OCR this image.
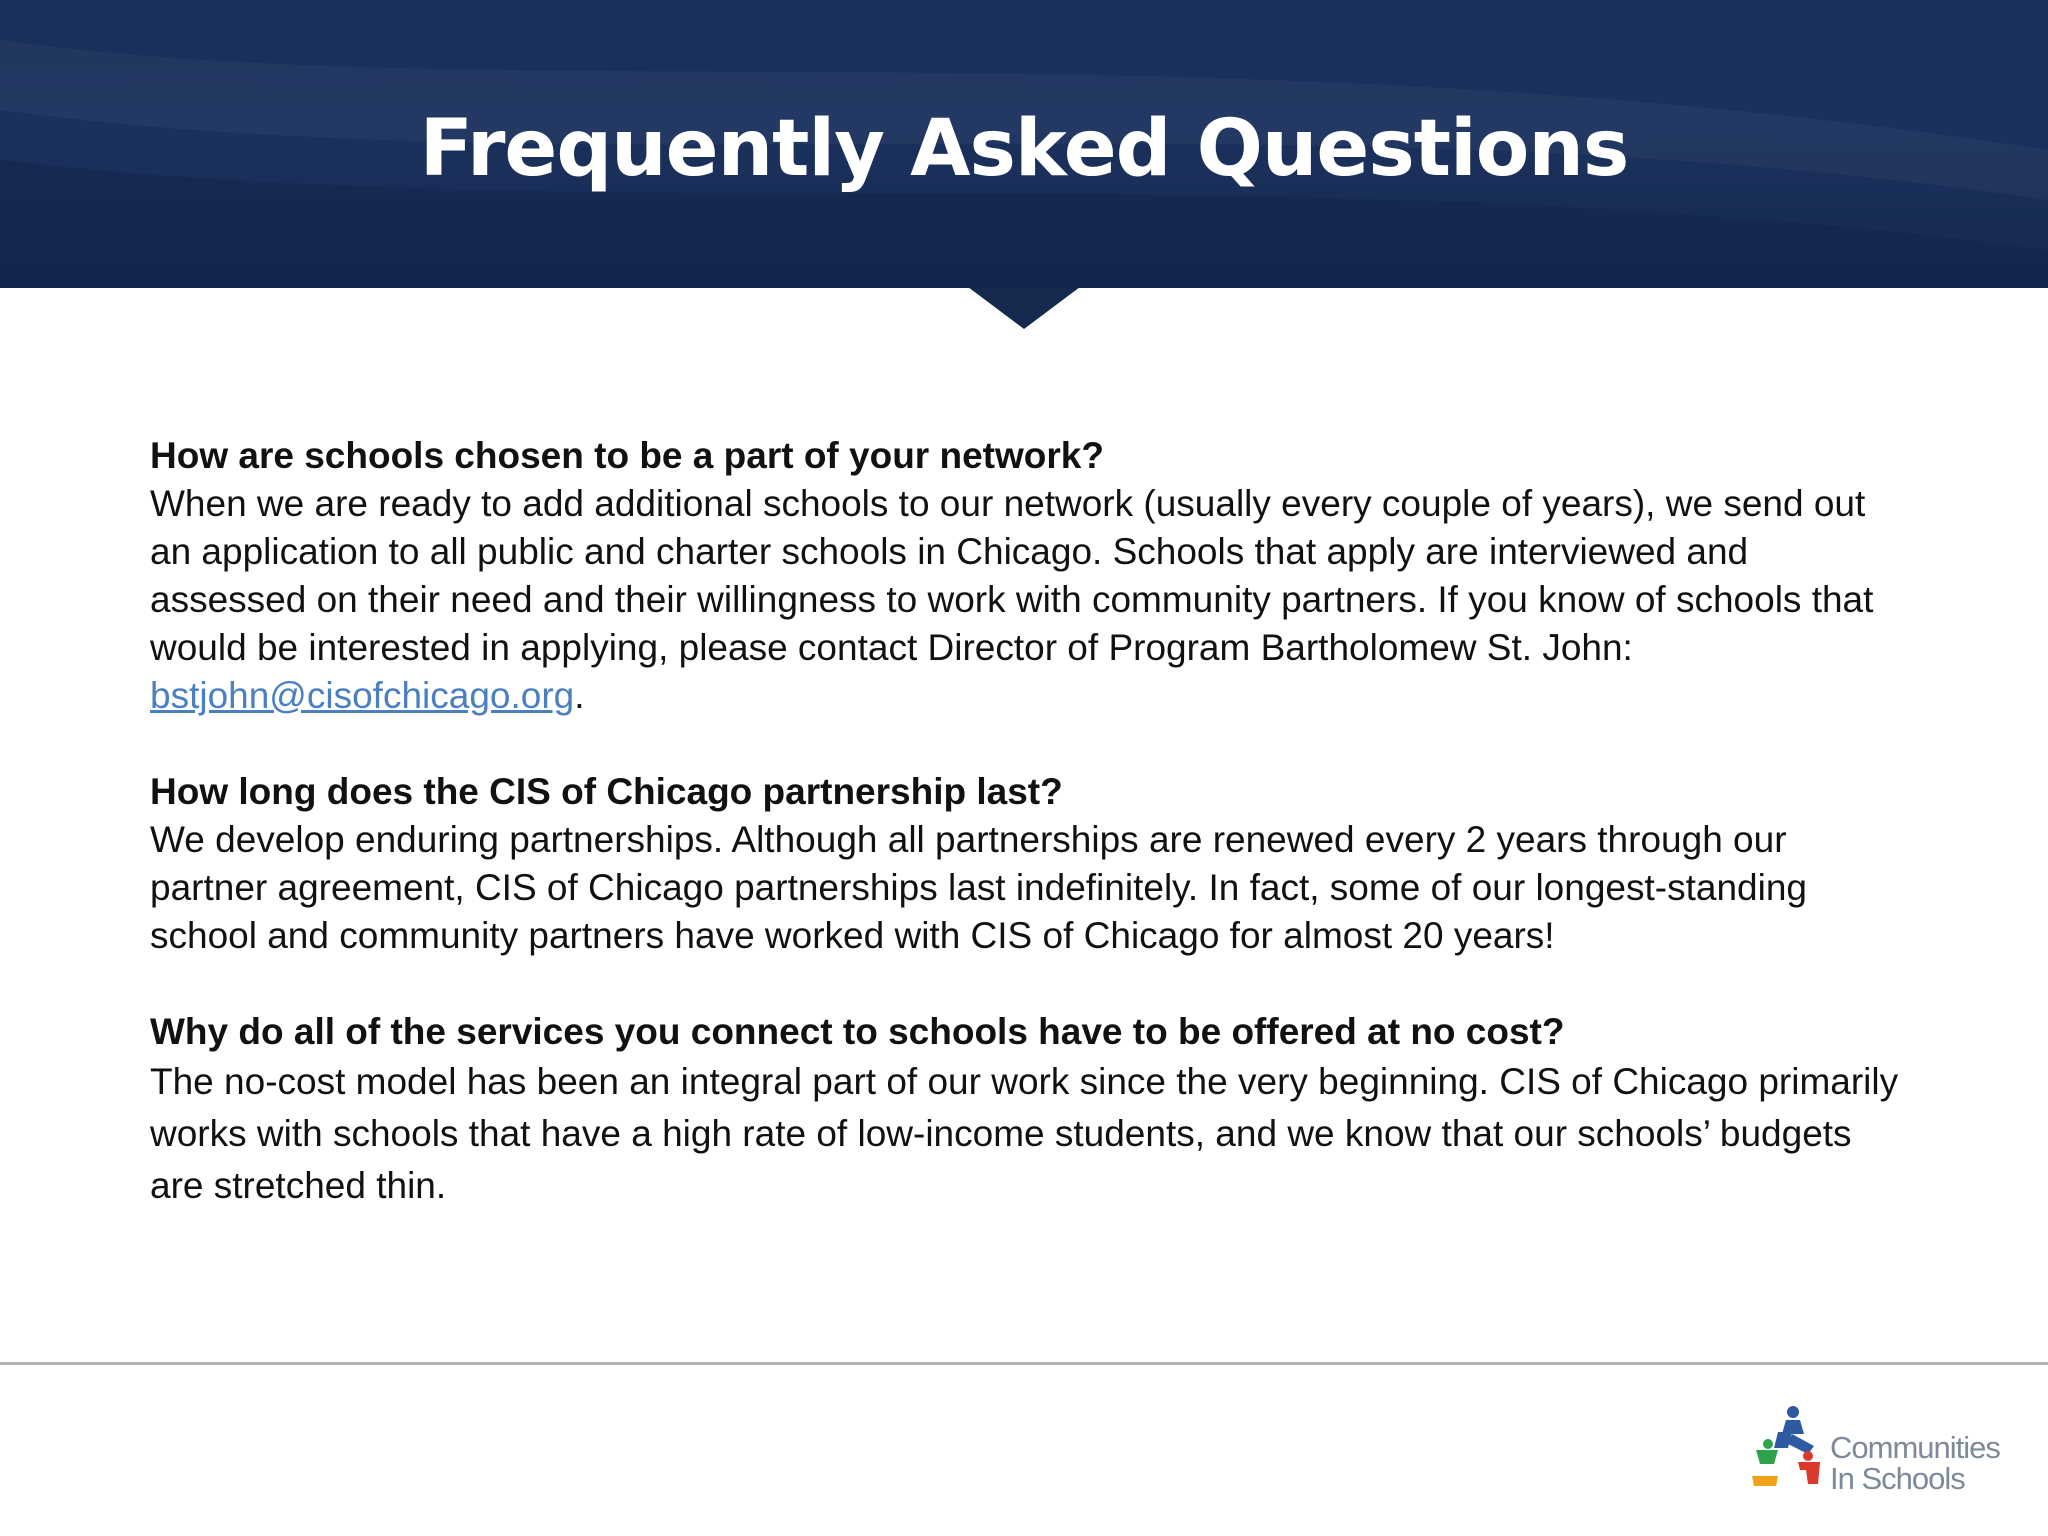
Frequently Asked Questions
How are schools chosen to be a part of your network?
When we are ready to add additional schools to our network (usually every couple of years), we send out an application to all public and charter schools in Chicago. Schools that apply are interviewed and assessed on their need and their willingness to work with community partners. If you know of schools that would be interested in applying, please contact Director of Program Bartholomew St. John: bstjohn@cisofchicago.org.
How long does the CIS of Chicago partnership last?
We develop enduring partnerships. Although all partnerships are renewed every 2 years through our partner agreement, CIS of Chicago partnerships last indefinitely. In fact, some of our longest-standing school and community partners have worked with CIS of Chicago for almost 20 years!
Why do all of the services you connect to schools have to be offered at no cost?
The no-cost model has been an integral part of our work since the very beginning. CIS of Chicago primarily works with schools that have a high rate of low-income students, and we know that our schools’ budgets are stretched thin.
Communities
In Schools
